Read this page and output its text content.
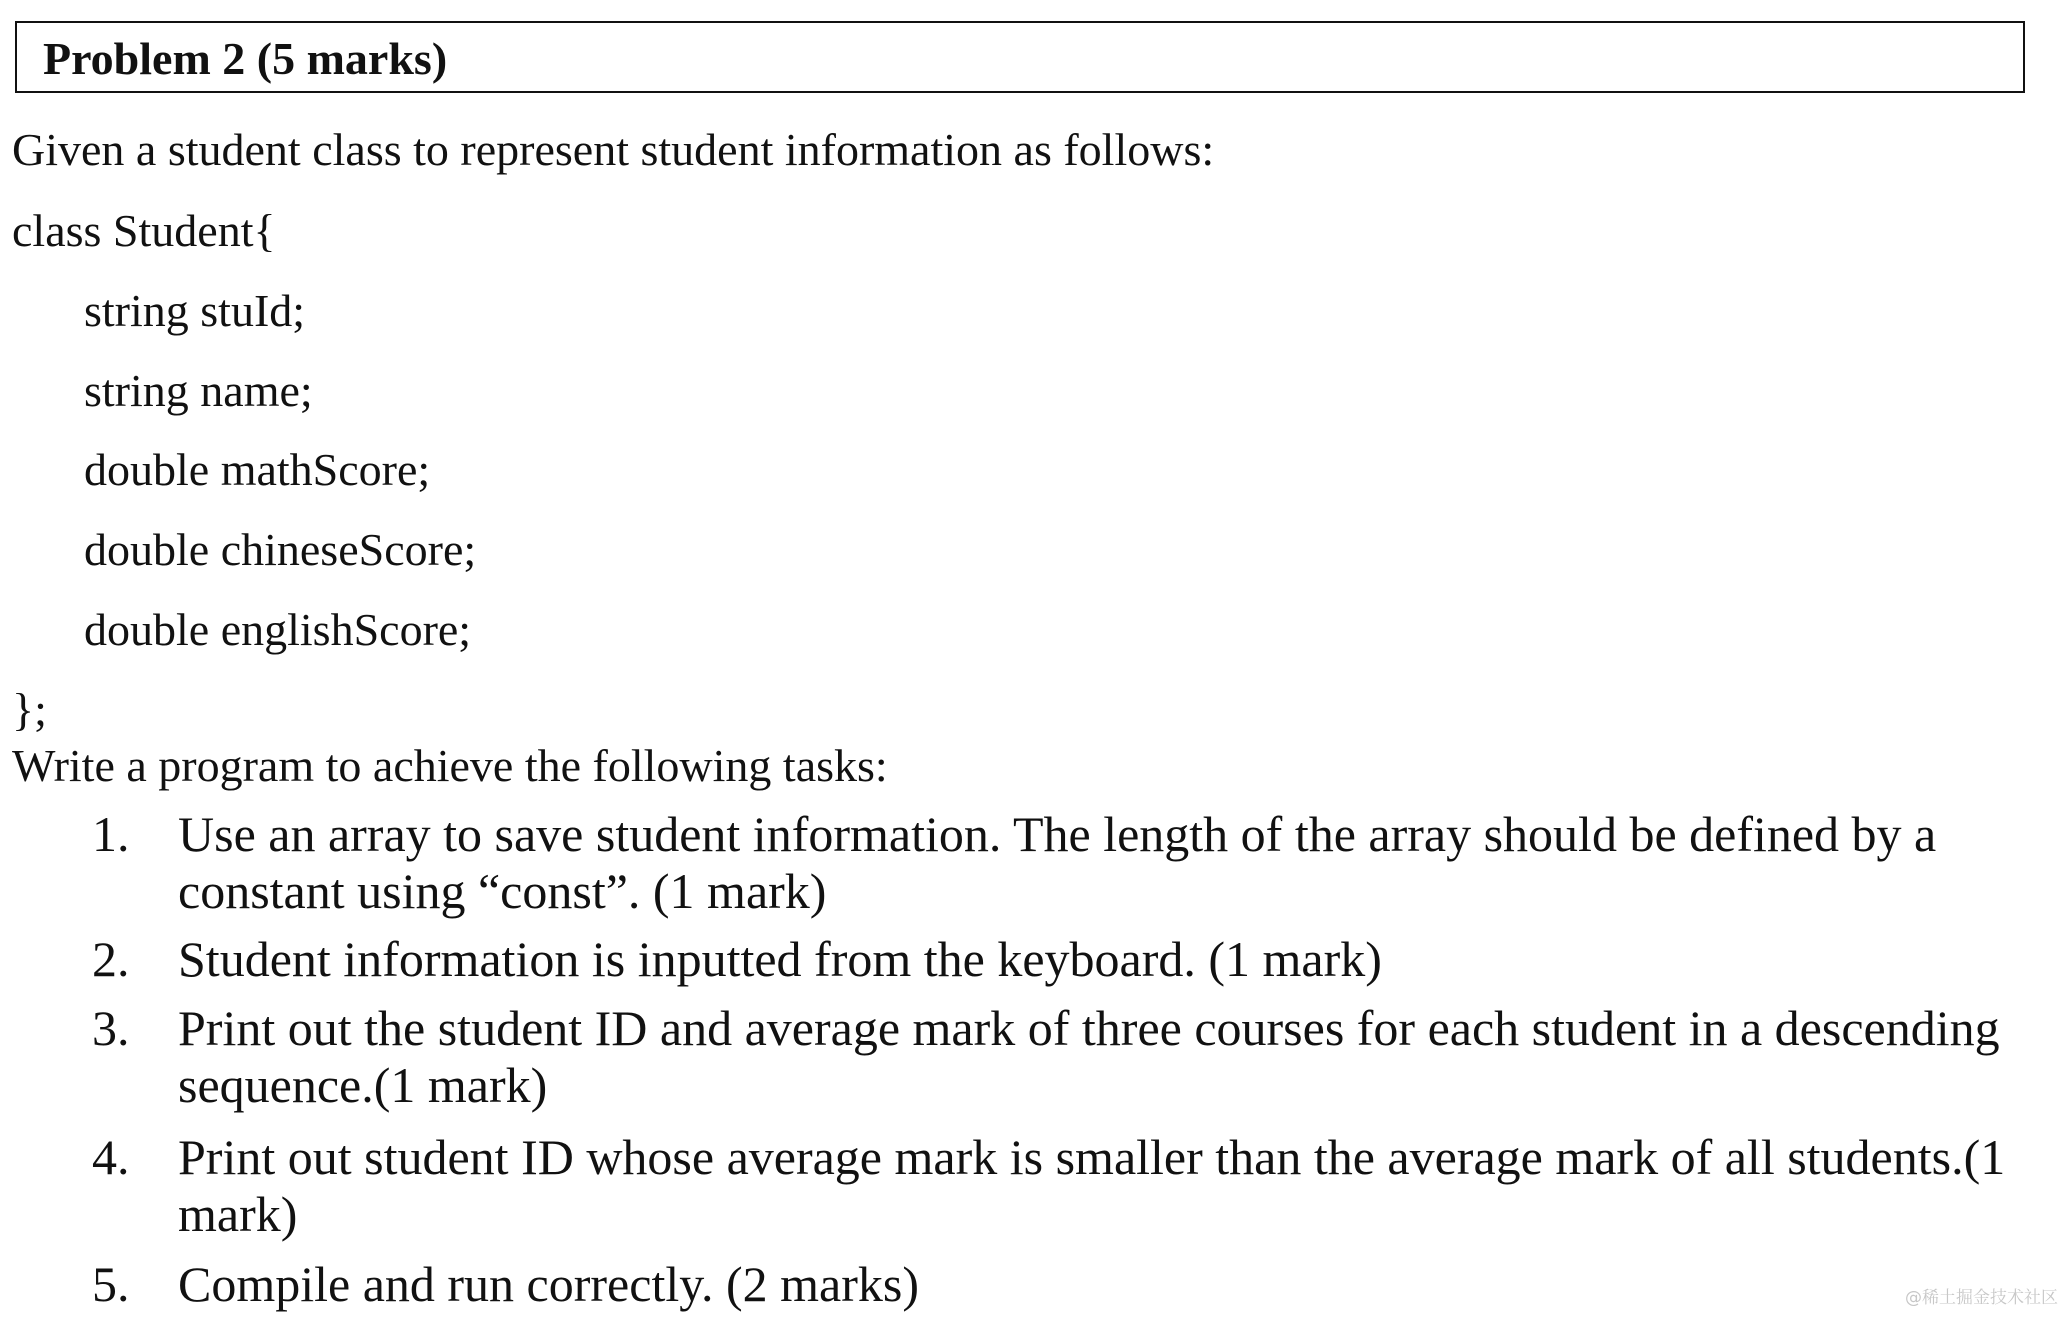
Problem 2 (5 marks)
Given a student class to represent student information as follows:
class Student{
string stuId;
string name;
double mathScore;
double chineseScore;
double englishScore;
};
Write a program to achieve the following tasks:
1. Use an array to save student information. The length of the array should be defined by a
constant using “const”. (1 mark)
2. Student information is inputted from the keyboard. (1 mark)
3. Print out the student ID and average mark of three courses for each student in a descending
sequence.(1 mark)
4. Print out student ID whose average mark is smaller than the average mark of all students.(1
mark)
5. Compile and run correctly. (2 marks)	@稀土掘金技术社区
